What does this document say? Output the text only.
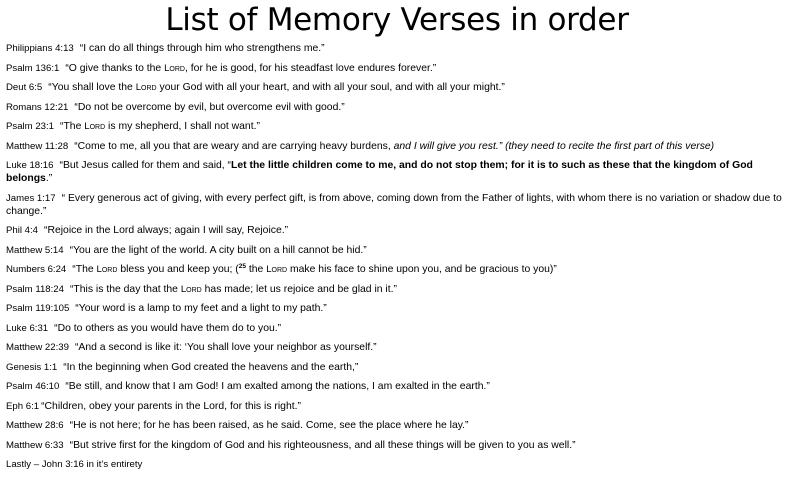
List of Memory Verses in order
Philippians 4:13 “I can do all things through him who strengthens me.”
Psalm 136:1 “O give thanks to the Lord, for he is good, for his steadfast love endures forever.”
Deut 6:5 “You shall love the Lord your God with all your heart, and with all your soul, and with all your might.”
Romans 12:21 “Do not be overcome by evil, but overcome evil with good.”
Psalm 23:1 “The Lord is my shepherd, I shall not want.”
Matthew 11:28 “Come to me, all you that are weary and are carrying heavy burdens, and I will give you rest.” (they need to recite the first part of this verse)
Luke 18:16 “But Jesus called for them and said, “Let the little children come to me, and do not stop them; for it is to such as these that the kingdom of God belongs.”
James 1:17 “ Every generous act of giving, with every perfect gift, is from above, coming down from the Father of lights, with whom there is no variation or shadow due to change.”
Phil 4:4 “Rejoice in the Lord always; again I will say, Rejoice.”
Matthew 5:14 “You are the light of the world. A city built on a hill cannot be hid.”
Numbers 6:24 “The Lord bless you and keep you; ($^{25}$ the Lord make his face to shine upon you, and be gracious to you)”
Psalm 118:24 “This is the day that the Lord has made; let us rejoice and be glad in it.”
Psalm 119:105 “Your word is a lamp to my feet and a light to my path.”
Luke 6:31 “Do to others as you would have them do to you.”
Matthew 22:39 “And a second is like it: ‘You shall love your neighbor as yourself.”
Genesis 1:1 “In the beginning when God created the heavens and the earth,”
Psalm 46:10 “Be still, and know that I am God! I am exalted among the nations, I am exalted in the earth.”
Eph 6:1 “Children, obey your parents in the Lord, for this is right.”
Matthew 28:6 “He is not here; for he has been raised, as he said. Come, see the place where he lay.”
Matthew 6:33 “But strive first for the kingdom of God and his righteousness, and all these things will be given to you as well.”
Lastly – John 3:16 in it’s entirety
